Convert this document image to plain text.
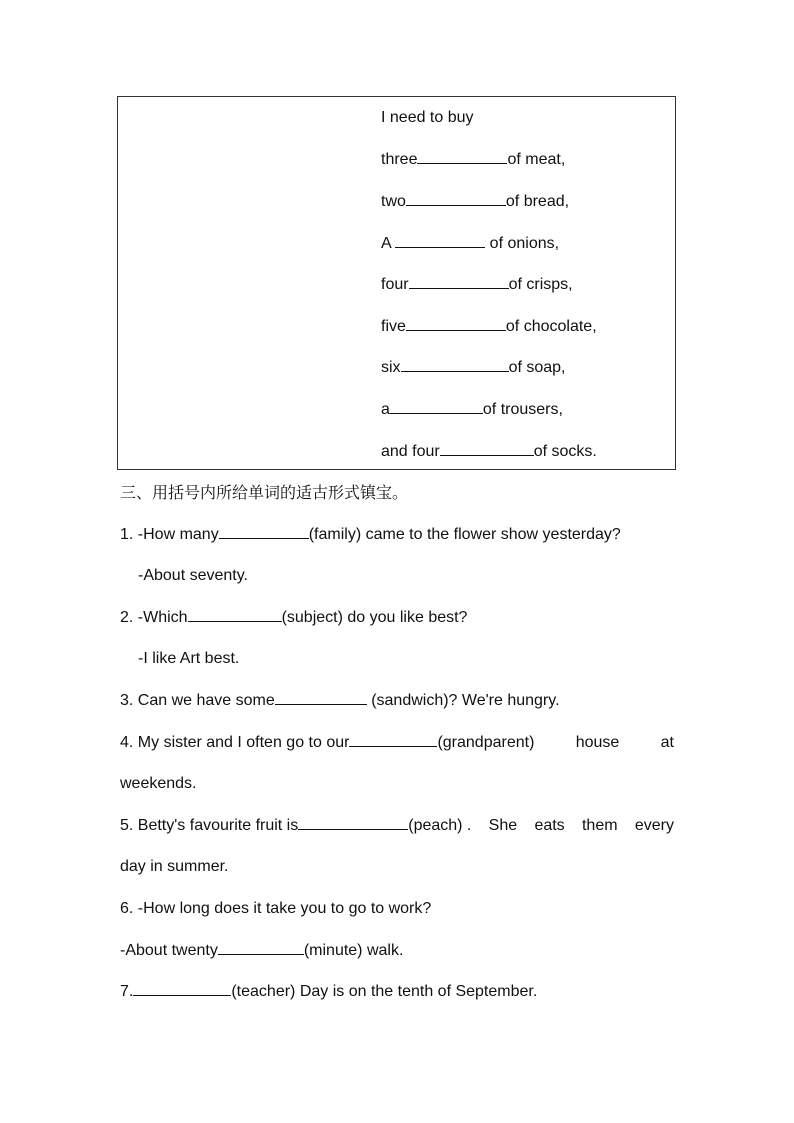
I need to buy
three	of meat,
two	of bread,
A	of onions,
four	of crisps,
five	of chocolate,
six	of soap,
a	of trousers,
and four	of socks.
三、用括号内所给单词的适古形式镇宝。
1. -How many	(family) came to the flower show yesterday?
-About seventy.
2. -Which	(subject) do you like best?
-I like Art best.
3. Can we have some	(sandwich)? We're hungry.
4. My sister and I often go to our	(grandparent)	house	at
weekends.
5. Betty's favourite fruit is	(peach) . She eats them every
day in summer.
6. -How long does it take you to go to work?
-About twenty	(minute) walk.
7.	(teacher) Day is on the tenth of September.
